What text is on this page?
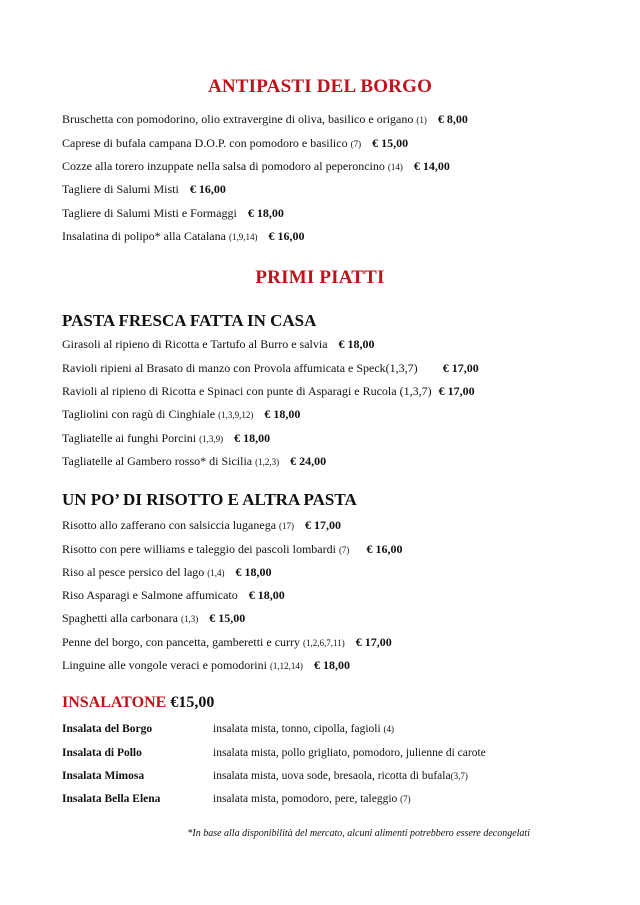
ANTIPASTI DEL BORGO
Bruschetta con pomodorino, olio extravergine di oliva, basilico e origano (1) € 8,00
Caprese di bufala campana D.O.P. con pomodoro e basilico (7) € 15,00
Cozze alla torero inzuppate nella salsa di pomodoro al peperoncino (14) € 14,00
Tagliere di Salumi Misti € 16,00
Tagliere di Salumi Misti e Formaggi € 18,00
Insalatina di polipo* alla Catalana (1,9,14) € 16,00
PRIMI PIATTI
PASTA FRESCA FATTA IN CASA
Girasoli al ripieno di Ricotta e Tartufo al Burro e salvia € 18,00
Ravioli ripieni al Brasato di manzo con Provola affumicata e Speck(1,3,7) € 17,00
Ravioli al ripieno di Ricotta e Spinaci con punte di Asparagi e Rucola (1,3,7) € 17,00
Tagliolini con ragù di Cinghiale (1,3,9,12) € 18,00
Tagliatelle ai funghi Porcini (1,3,9) € 18,00
Tagliatelle al Gambero rosso* di Sicilia (1,2,3) € 24,00
UN PO’ DI RISOTTO E ALTRA PASTA
Risotto allo zafferano con salsiccia luganega (17) € 17,00
Risotto con pere williams e taleggio dei pascoli lombardi (7) € 16,00
Riso al pesce persico del lago (1,4) € 18,00
Riso Asparagi e Salmone affumicato € 18,00
Spaghetti alla carbonara (1,3) € 15,00
Penne del borgo, con pancetta, gamberetti e curry (1,2,6,7,11) € 17,00
Linguine alle vongole veraci e pomodorini (1,12,14) € 18,00
INSALATONE €15,00
Insalata del Borgo	insalata mista, tonno, cipolla, fagioli (4)
Insalata di Pollo	insalata mista, pollo grigliato, pomodoro, julienne di carote
Insalata Mimosa	insalata mista, uova sode, bresaola, ricotta di bufala(3,7)
Insalata Bella Elena	insalata mista, pomodoro, pere, taleggio (7)
*In base alla disponibilità del mercato, alcuni alimenti potrebbero essere decongelati
